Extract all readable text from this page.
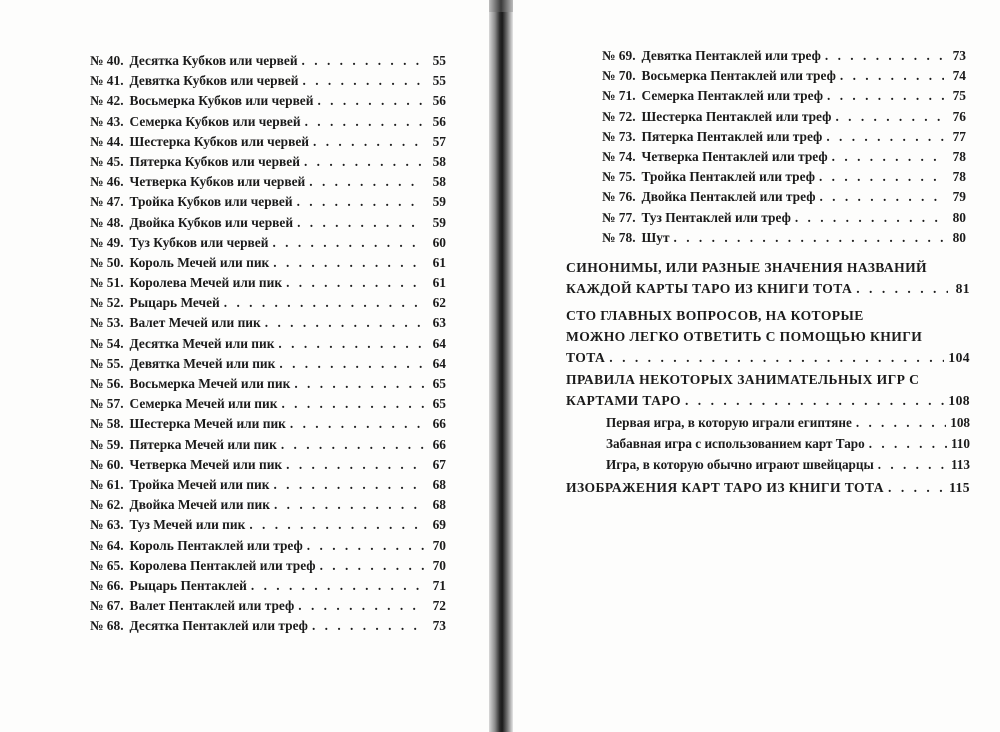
№ 40. Десятка Кубков или червей . . .	55
№ 41. Девятка Кубков или червей . . .	55
№ 42. Восьмерка Кубков или червей . . .	56
№ 43. Семерка Кубков или червей . . .	56
№ 44. Шестерка Кубков или червей . . .	57
№ 45. Пятерка Кубков или червей . . .	58
№ 46. Четверка Кубков или червей . . .	58
№ 47. Тройка Кубков или червей . . .	59
№ 48. Двойка Кубков или червей . . .	59
№ 49. Туз Кубков или червей . . .	60
№ 50. Король Мечей или пик . . .	61
№ 51. Королева Мечей или пик . . .	61
№ 52. Рыцарь Мечей . . .	62
№ 53. Валет Мечей или пик . . .	63
№ 54. Десятка Мечей или пик . . .	64
№ 55. Девятка Мечей или пик . . .	64
№ 56. Восьмерка Мечей или пик . . .	65
№ 57. Семерка Мечей или пик . . .	65
№ 58. Шестерка Мечей или пик . . .	66
№ 59. Пятерка Мечей или пик . . .	66
№ 60. Четверка Мечей или пик . . .	67
№ 61. Тройка Мечей или пик . . .	68
№ 62. Двойка Мечей или пик . . .	68
№ 63. Туз Мечей или пик . . .	69
№ 64. Король Пентаклей или треф . . .	70
№ 65. Королева Пентаклей или треф . . .	70
№ 66. Рыцарь Пентаклей . . .	71
№ 67. Валет Пентаклей или треф . . .	72
№ 68. Десятка Пентаклей или треф . . .	73
№ 69. Девятка Пентаклей или треф . . .	73
№ 70. Восьмерка Пентаклей или треф . . .	74
№ 71. Семерка Пентаклей или треф . . .	75
№ 72. Шестерка Пентаклей или треф . . .	76
№ 73. Пятерка Пентаклей или треф . . .	77
№ 74. Четверка Пентаклей или треф . . .	78
№ 75. Тройка Пентаклей или треф . . .	78
№ 76. Двойка Пентаклей или треф . . .	79
№ 77. Туз Пентаклей или треф . . .	80
№ 78. Шут . . .	80
СИНОНИМЫ, ИЛИ РАЗНЫЕ ЗНАЧЕНИЯ НАЗВАНИЙ
КАЖДОЙ КАРТЫ ТАРО ИЗ КНИГИ ТОТА . . .	81
СТО ГЛАВНЫХ ВОПРОСОВ, НА КОТОРЫЕ
МОЖНО ЛЕГКО ОТВЕТИТЬ С ПОМОЩЬЮ КНИГИ
ТОТА . . .	104
ПРАВИЛА НЕКОТОРЫХ ЗАНИМАТЕЛЬНЫХ ИГР С
КАРТАМИ ТАРО . . .	108
Первая игра, в которую играли египтяне . . .	108
Забавная игра с использованием карт Таро . . .	110
Игра, в которую обычно играют швейцарцы . . .	113
ИЗОБРАЖЕНИЯ КАРТ ТАРО ИЗ КНИГИ ТОТА . . .	115
